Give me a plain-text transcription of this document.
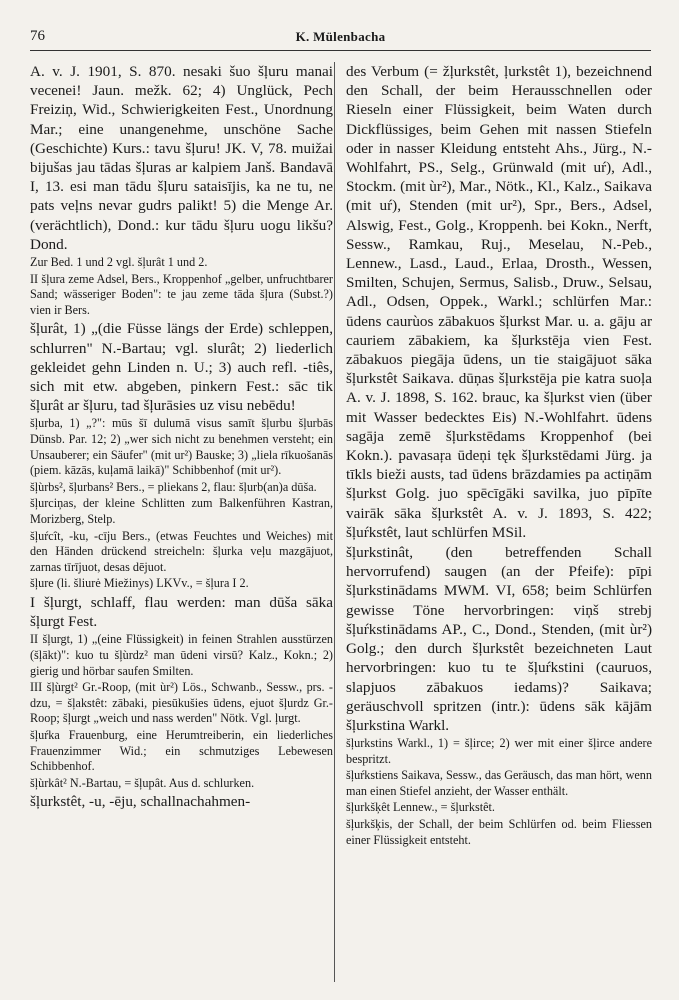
76	K. Mülenbacha

A. v. J. 1901, S. 870. nesaki šuo šļuru manai vecenei! Jaun. mežk. 62; 4) Unglück, Pech Freiziņ, Wid., Schwierigkeiten Fest., Unordnung Mar.; eine unangenehme, unschöne Sache (Geschichte) Kurs.: tavu šļuru! JK. V, 78. muižai bijušas jau tādas šļuras ar kalpiem Janš. Bandavā I, 13. esi man tādu šļuru sataisījis, ka ne tu, ne pats veļns nevar gudrs palikt! 5) die Menge Ar. (verächtlich), Dond.: kur tādu šļuru uogu likšu? Dond.

Zur Bed. 1 und 2 vgl. šļurât 1 und 2.

II šļura zeme Adsel, Bers., Kroppenhof „gelber, unfruchtbarer Sand; wässeriger Boden": te jau zeme tāda šļura (Subst.?) vien ir Bers.

šļurât, 1) „(die Füsse längs der Erde) schleppen, schlurren" N.-Bartau; vgl. slurât; 2) liederlich gekleidet gehn Linden n. U.; 3) auch refl. -tiês, sich mit etw. abgeben, pinkern Fest.: sāc tik šļurât ar šļuru, tad šļurāsies uz visu nebēdu!

šļurba, 1) „?": mūs šī dulumā visus samīt šļurbu šļurbās Dünsb. Par. 12; 2) „wer sich nicht zu benehmen versteht; ein Unsauberer; ein Säufer" (mit ur²) Bauske; 3) „liela rīkuošanās (piem. kāzās, kuļamā laikā)" Schibbenhof (mit ur²).

šļùrbs², šļurbans² Bers., = pliekans 2, flau: šļurb(an)a dūša.

šļurciņas, der kleine Schlitten zum Balkenführen Kastran, Morizberg, Stelp.

šļuŕcît, -ku, -cīju Bers., (etwas Feuchtes und Weiches) mit den Händen drückend streicheln: šļurka veļu mazgājuot, zarnas tīrījuot, desas dējuot.

šļure (li. šliurė Miežinys) LKVv., = šļura I 2.

I šļurgt, schlaff, flau werden: man dūša sāka šļurgt Fest.

II šļurgt, 1) „(eine Flüssigkeit) in feinen Strahlen ausstürzen (šļākt)": kuo tu šļùrdz² man ūdeni virsū? Kalz., Kokn.; 2) gierig und hörbar saufen Smilten.

III šļùrgt² Gr.-Roop, (mit ùr²) Lös., Schwanb., Sessw., prs. -dzu, = šļakstêt: zābaki, piesūkušies ūdens, ejuot šļurdz Gr.-Roop; šļurgt „weich und nass werden" Nötk. Vgl. ļurgt.

šļuŕka Frauenburg, eine Herumtreiberin, ein liederliches Frauenzimmer Wid.; ein schmutziges Lebewesen Schibbenhof.

šļùrkât² N.-Bartau, = šļupât. Aus d. schlurken.

šļurkstêt, -u, -ēju, schallnachahmen-

des Verbum (= žļurkstêt, ļurkstêt 1), bezeichnend den Schall, der beim Herausschnellen oder Rieseln einer Flüssigkeit, beim Waten durch Dickflüssiges, beim Gehen mit nassen Stiefeln oder in nasser Kleidung entsteht Ahs., Jürg., N.-Wohlfahrt, PS., Selg., Grünwald (mit uŕ), Adl., Stockm. (mit ùr²), Mar., Nötk., Kl., Kalz., Saikava (mit uŕ), Stenden (mit ur²), Spr., Bers., Adsel, Alswig, Fest., Golg., Kroppenh. bei Kokn., Nerft, Sessw., Ramkau, Ruj., Meselau, N.-Peb., Lennew., Lasd., Laud., Erlaa, Drosth., Wessen, Smilten, Schujen, Sermus, Salisb., Druw., Selsau, Adl., Odsen, Oppek., Warkl.; schlürfen Mar.: ūdens caurùos zābakuos šļurkst Mar. u. a. gāju ar cauriem zābakiem, ka šļurkstēja vien Fest. zābakuos piegāja ūdens, un tie staigājuot sāka šļurkstêt Saikava. dūņas šļurkstēja pie katra suoļa A. v. J. 1898, S. 162. brauc, ka šļurkst vien (über mit Wasser bedecktes Eis) N.-Wohlfahrt. ūdens sagāja zemē šļurkstēdams Kroppenhof (bei Kokn.). pavasaŗa ūdeņi tęk šļurkstēdami Jürg. ja tīkls bieži austs, tad ūdens brāzdamies pa actiņām šļurkst Golg. juo spēcīgāki savilka, juo pīpīte vairāk sāka šļurkstêt A. v. J. 1893, S. 422; šļuŕkstêt, laut schlürfen MSil.

šļurkstinât, (den betreffenden Schall hervorrufend) saugen (an der Pfeife): pīpi šļurkstinādams MWM. VI, 658; beim Schlürfen gewisse Töne hervorbringen: viņš strebj šļuŕkstinādams AP., C., Dond., Stenden, (mit ùr²) Golg.; den durch šļurkstêt bezeichneten Laut hervorbringen: kuo tu te šļuŕkstini (cauruos, slapjuos zābakuos iedams)? Saikava; geräuschvoll spritzen (intr.): ūdens sāk kājām šļurkstina Warkl.

šļurkstins Warkl., 1) = šļirce; 2) wer mit einer šļirce andere bespritzt.

šļuŕkstiens Saikava, Sessw., das Geräusch, das man hört, wenn man einen Stiefel anzieht, der Wasser enthält.

šļurkšķêt Lennew., = šļurkstêt.

šļurkšķis, der Schall, der beim Schlürfen od. beim Fliessen einer Flüssigkeit entsteht.
